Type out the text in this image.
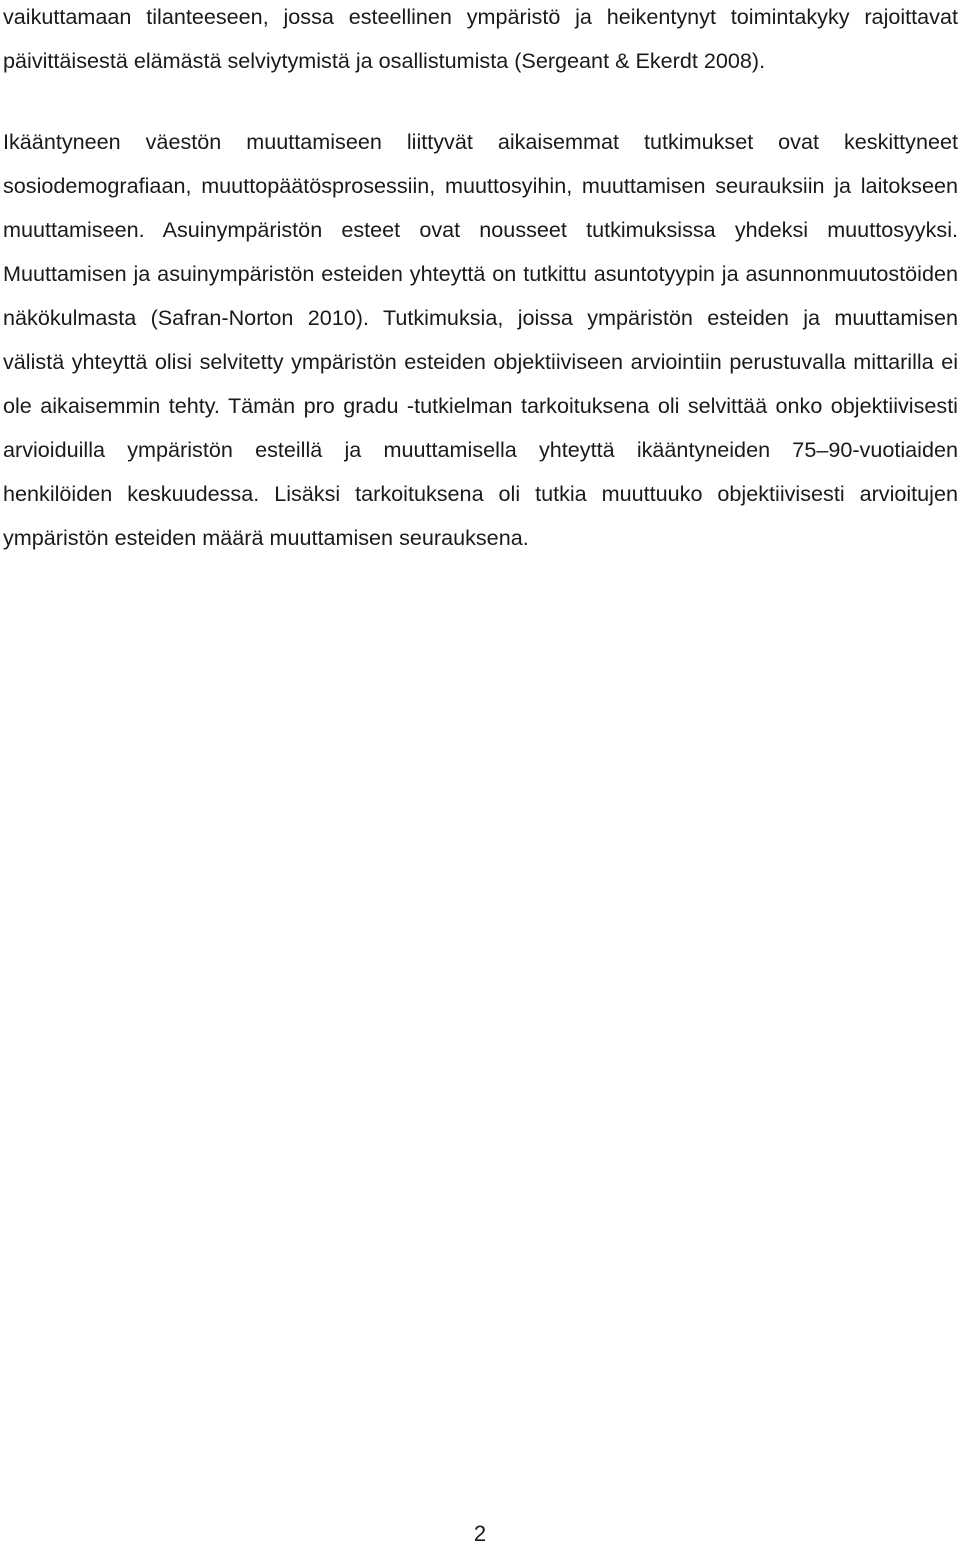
vaikuttamaan tilanteeseen, jossa esteellinen ympäristö ja heikentynyt toimintakyky rajoittavat päivittäisestä elämästä selviytymistä ja osallistumista (Sergeant & Ekerdt 2008).

Ikääntyneen väestön muuttamiseen liittyvät aikaisemmat tutkimukset ovat keskittyneet sosiodemografiaan, muuttopäätösprosessiin, muuttosyihin, muuttamisen seurauksiin ja laitokseen muuttamiseen. Asuinympäristön esteet ovat nousseet tutkimuksissa yhdeksi muuttosyyksi. Muuttamisen ja asuinympäristön esteiden yhteyttä on tutkittu asuntotyypin ja asunnonmuutostöiden näkökulmasta (Safran-Norton 2010). Tutkimuksia, joissa ympäristön esteiden ja muuttamisen välistä yhteyttä olisi selvitetty ympäristön esteiden objektiiviseen arviointiin perustuvalla mittarilla ei ole aikaisemmin tehty. Tämän pro gradu -tutkielman tarkoituksena oli selvittää onko objektiivisesti arvioiduilla ympäristön esteillä ja muuttamisella yhteyttä ikääntyneiden 75–90-vuotiaiden henkilöiden keskuudessa. Lisäksi tarkoituksena oli tutkia muuttuuko objektiivisesti arvioitujen ympäristön esteiden määrä muuttamisen seurauksena.

2
